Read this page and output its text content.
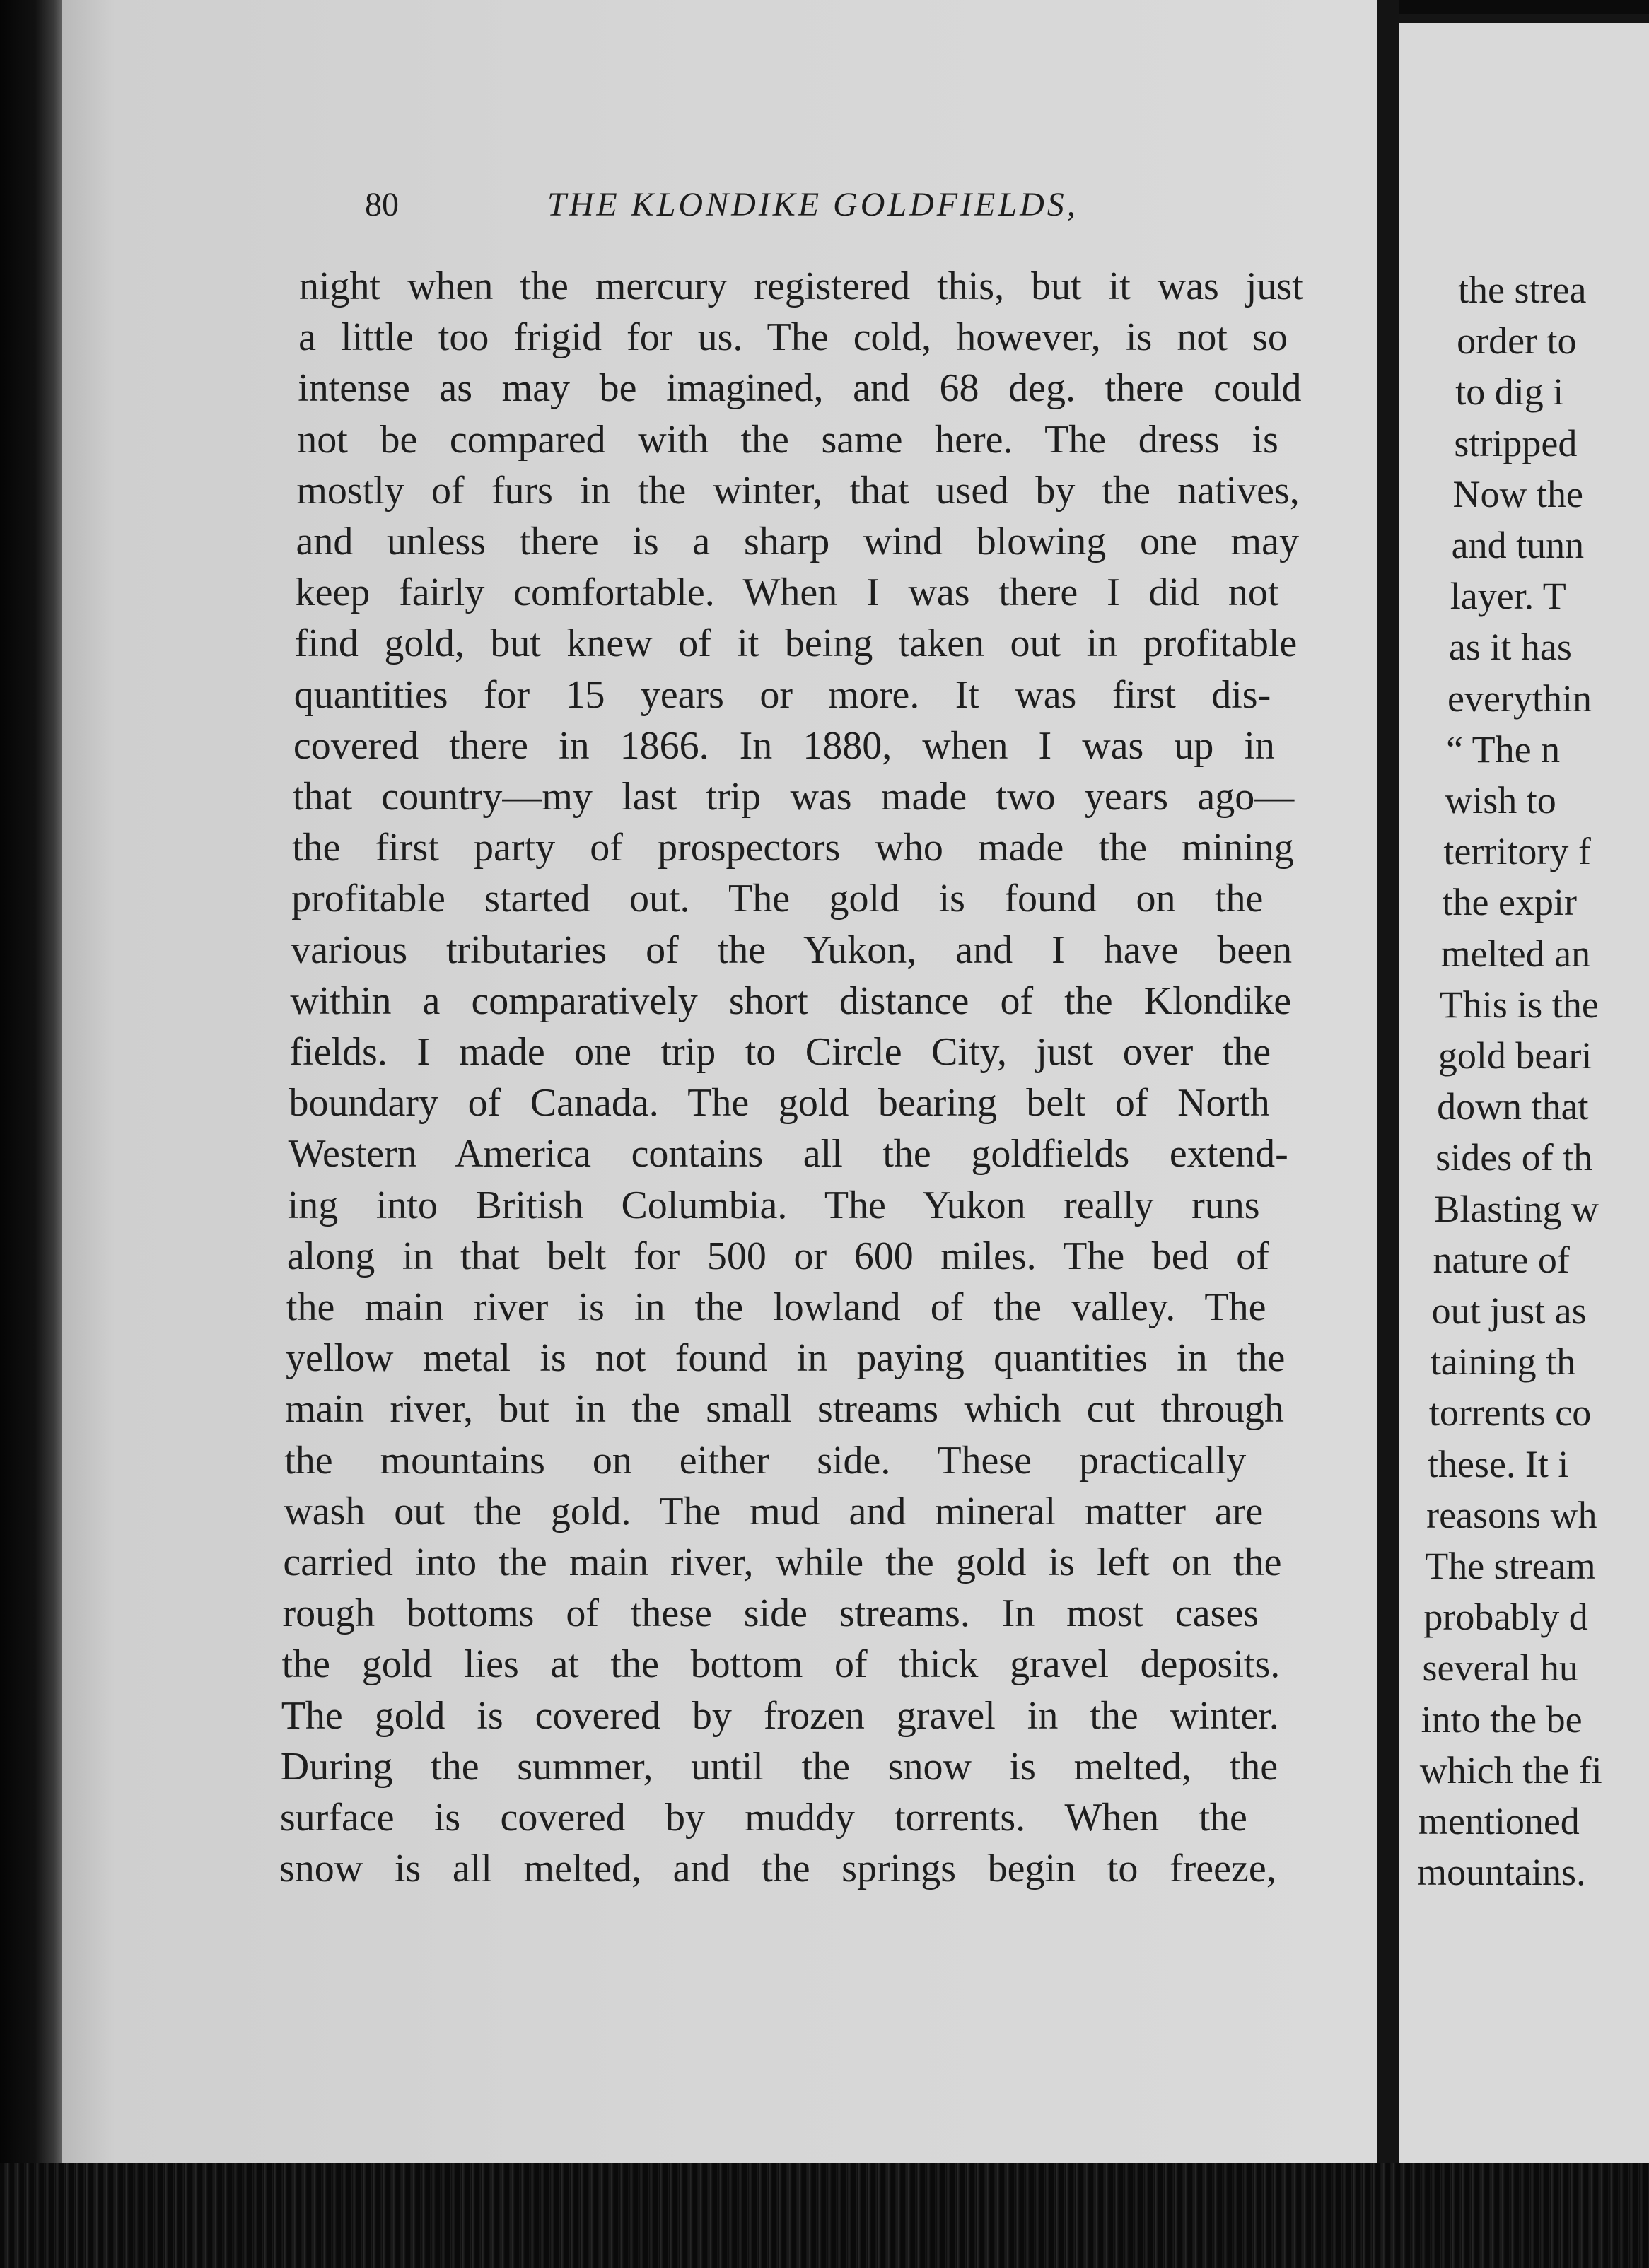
80	THE KLONDIKE GOLDFIELDS,
night when the mercury registered this, but it was just
a little too frigid for us. The cold, however, is not so
intense as may be imagined, and 68 deg. there could
not be compared with the same here. The dress is
mostly of furs in the winter, that used by the natives,
and unless there is a sharp wind blowing one may
keep fairly comfortable. When I was there I did not
find gold, but knew of it being taken out in profitable
quantities for 15 years or more. It was first dis-
covered there in 1866. In 1880, when I was up in
that country—my last trip was made two years ago—
the first party of prospectors who made the mining
profitable started out. The gold is found on the
various tributaries of the Yukon, and I have been
within a comparatively short distance of the Klondike
fields. I made one trip to Circle City, just over the
boundary of Canada. The gold bearing belt of North
Western America contains all the goldfields extend-
ing into British Columbia. The Yukon really runs
along in that belt for 500 or 600 miles. The bed of
the main river is in the lowland of the valley. The
yellow metal is not found in paying quantities in the
main river, but in the small streams which cut through
the mountains on either side. These practically
wash out the gold. The mud and mineral matter are
carried into the main river, while the gold is left on the
rough bottoms of these side streams. In most cases
the gold lies at the bottom of thick gravel deposits.
The gold is covered by frozen gravel in the winter.
During the summer, until the snow is melted, the
surface is covered by muddy torrents. When the
snow is all melted, and the springs begin to freeze,
the strea
order to
to dig i
stripped
Now the
and tunn
layer. T
as it has
everythin
“ The n
wish to
territory f
the expir
melted an
This is the
gold beari
down that
sides of th
Blasting w
nature of
out just as
taining th
torrents co
these. It i
reasons wh
The stream
probably d
several hu
into the be
which the fi
mentioned
mountains.
